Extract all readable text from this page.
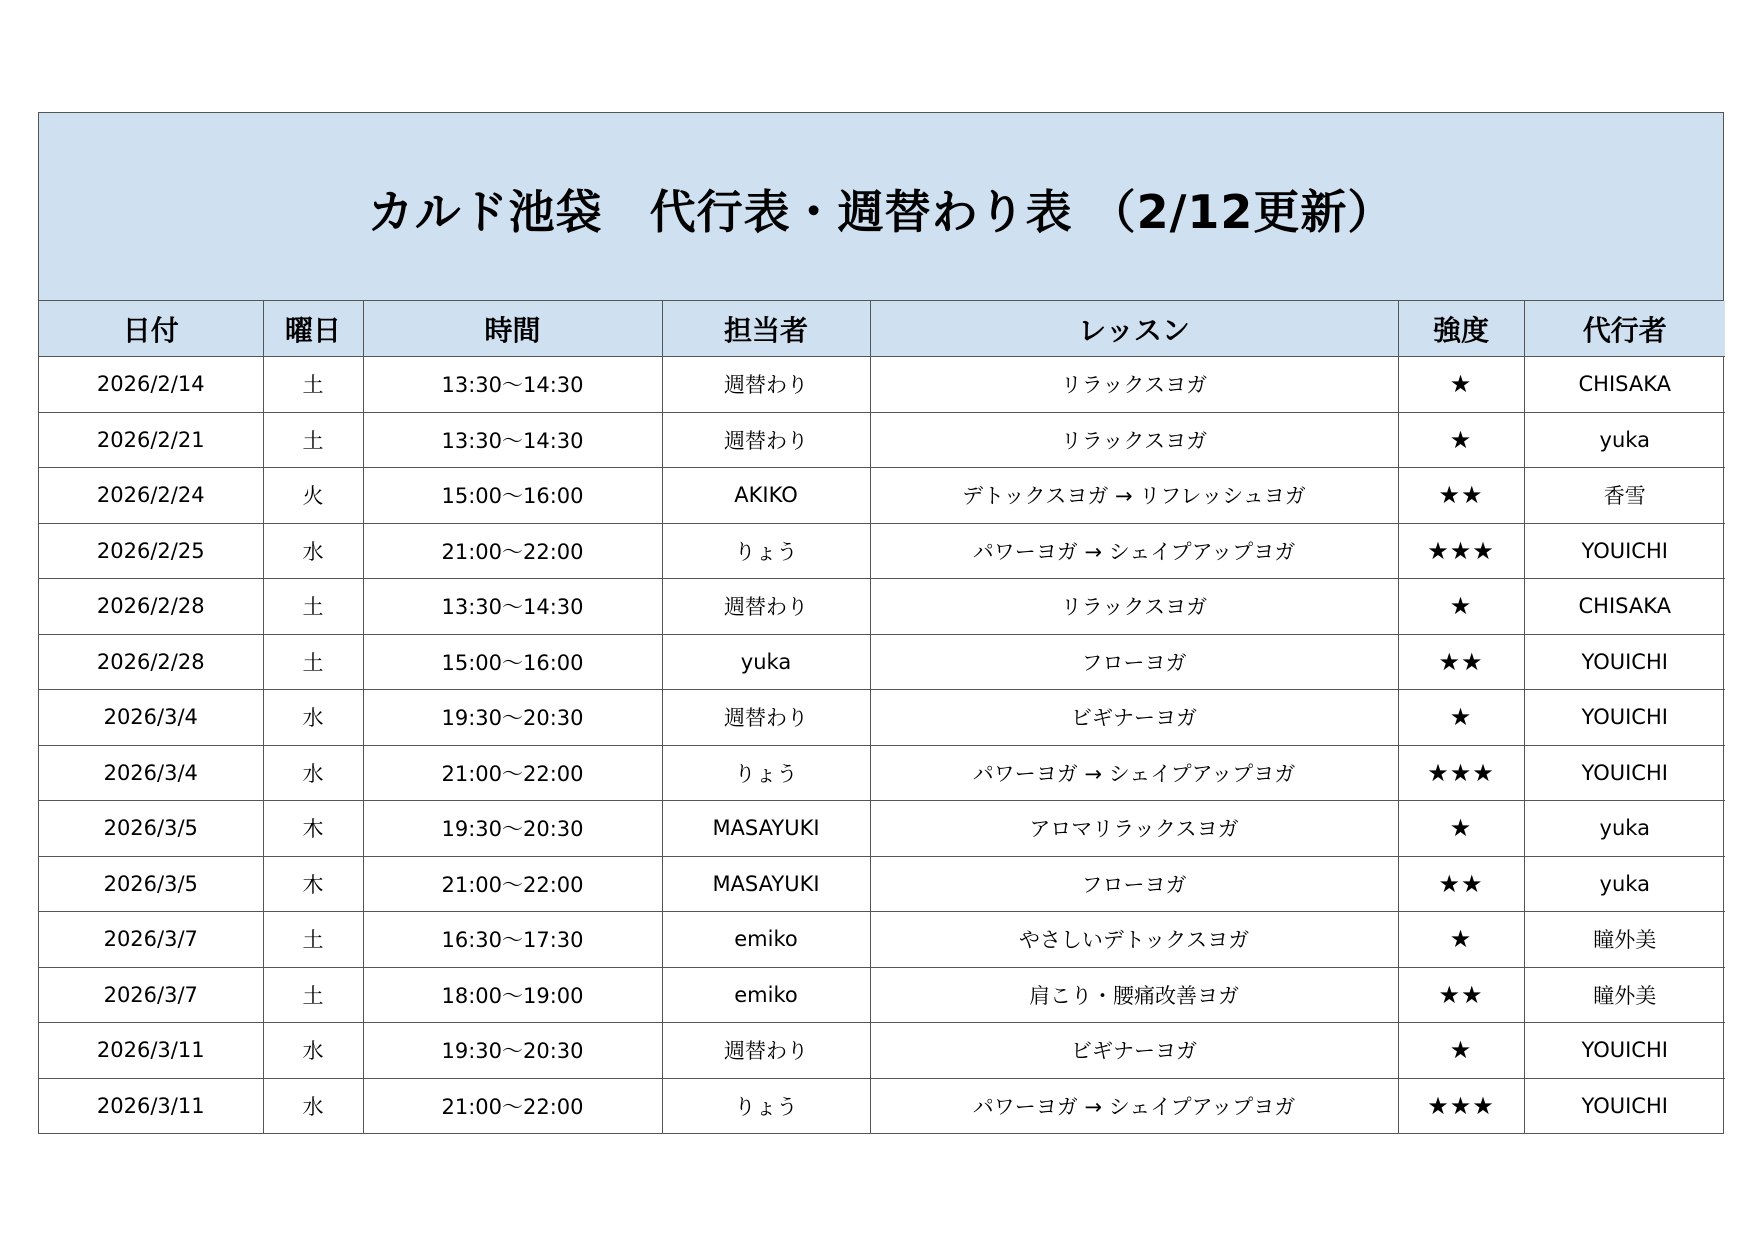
カルド池袋　代行表・週替わり表 （2/12更新）
日付	曜日	時間	担当者	レッスン	強度	代行者
2026/2/14	土	13:30～14:30	週替わり	リラックスヨガ	★	CHISAKA
2026/2/21	土	13:30～14:30	週替わり	リラックスヨガ	★	yuka
2026/2/24	火	15:00～16:00	AKIKO	デトックスヨガ → リフレッシュヨガ	★★	香雪
2026/2/25	水	21:00～22:00	りょう	パワーヨガ → シェイプアップヨガ	★★★	YOUICHI
2026/2/28	土	13:30～14:30	週替わり	リラックスヨガ	★	CHISAKA
2026/2/28	土	15:00～16:00	yuka	フローヨガ	★★	YOUICHI
2026/3/4	水	19:30～20:30	週替わり	ビギナーヨガ	★	YOUICHI
2026/3/4	水	21:00～22:00	りょう	パワーヨガ → シェイプアップヨガ	★★★	YOUICHI
2026/3/5	木	19:30～20:30	MASAYUKI	アロマリラックスヨガ	★	yuka
2026/3/5	木	21:00～22:00	MASAYUKI	フローヨガ	★★	yuka
2026/3/7	土	16:30～17:30	emiko	やさしいデトックスヨガ	★	瞳外美
2026/3/7	土	18:00～19:00	emiko	肩こり・腰痛改善ヨガ	★★	瞳外美
2026/3/11	水	19:30～20:30	週替わり	ビギナーヨガ	★	YOUICHI
2026/3/11	水	21:00～22:00	りょう	パワーヨガ → シェイプアップヨガ	★★★	YOUICHI
